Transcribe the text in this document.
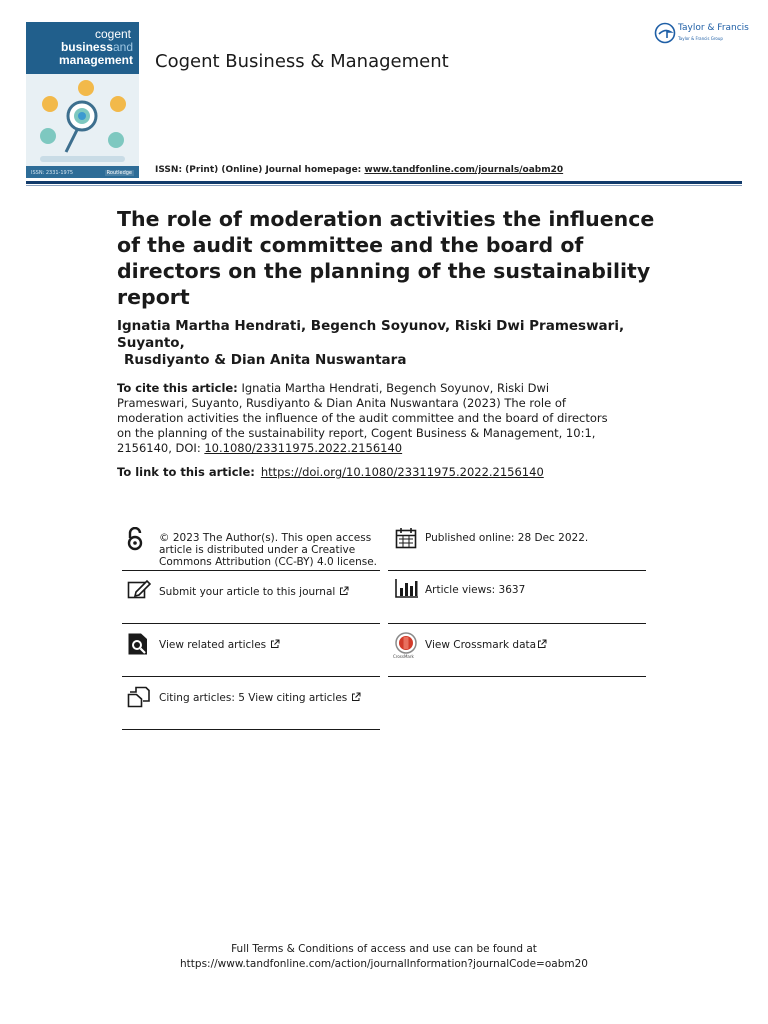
cogent
businessand
management
ISSN: 2331-1975	Routledge
Cogent Business & Management
ISSN: (Print) (Online) Journal homepage: www.tandfonline.com/journals/oabm20
Taylor & Francis
Taylor & Francis Group
The role of moderation activities the influence of the audit committee and the board of directors on the planning of the sustainability report
Ignatia Martha Hendrati, Begench Soyunov, Riski Dwi Prameswari, Suyanto,
Rusdiyanto & Dian Anita Nuswantara
To cite this article: Ignatia Martha Hendrati, Begench Soyunov, Riski Dwi Prameswari, Suyanto, Rusdiyanto & Dian Anita Nuswantara (2023) The role of moderation activities the influence of the audit committee and the board of directors on the planning of the sustainability report, Cogent Business & Management, 10:1, 2156140, DOI: 10.1080/23311975.2022.2156140
To link to this article: https://doi.org/10.1080/23311975.2022.2156140
© 2023 The Author(s). This open access
article is distributed under a Creative
Commons Attribution (CC-BY) 4.0 license.
Published online: 28 Dec 2022.
Submit your article to this journal	Article views: 3637
View related articles
CrossMark
View Crossmark data
Citing articles: 5 View citing articles
Full Terms & Conditions of access and use can be found at
https://www.tandfonline.com/action/journalInformation?journalCode=oabm20
